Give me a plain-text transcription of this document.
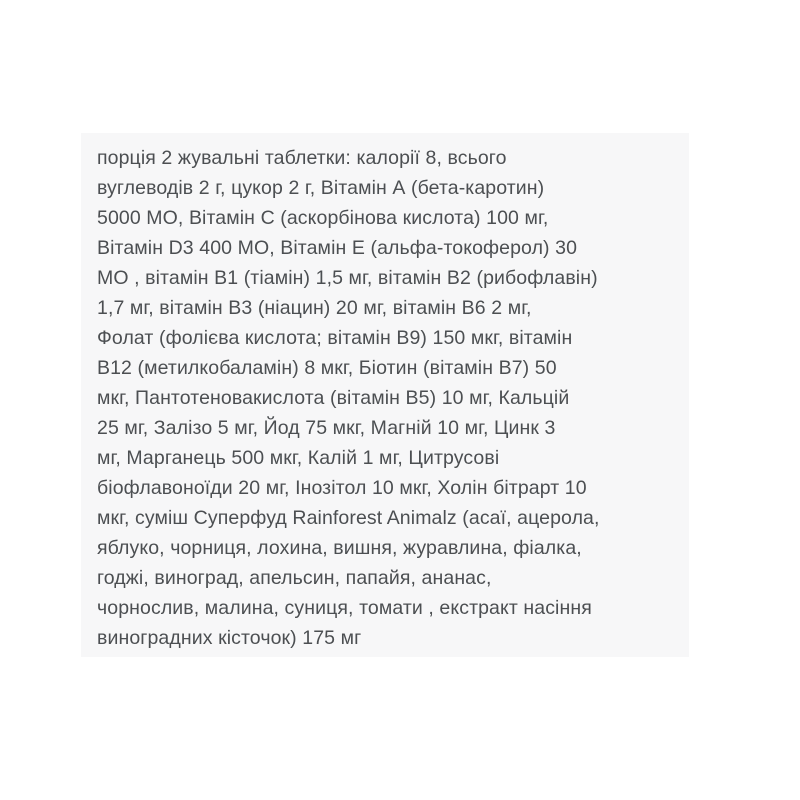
порція 2 жувальні таблетки: калорії 8, всього
вуглеводів 2 г, цукор 2 г, Вітамін А (бета-каротин)
5000 МО, Вітамін С (аскорбінова кислота) 100 мг,
Вітамін D3 400 МО, Вітамін Е (альфа-токоферол) 30
МО , вітамін В1 (тіамін) 1,5 мг, вітамін В2 (рибофлавін)
1,7 мг, вітамін В3 (ніацин) 20 мг, вітамін В6 2 мг,
Фолат (фолієва кислота; вітамін В9) 150 мкг, вітамін
В12 (метилкобаламін) 8 мкг, Біотин (вітамін В7) 50
мкг, Пантотеновакислота (вітамін В5) 10 мг, Кальцій
25 мг, Залізо 5 мг, Йод 75 мкг, Магній 10 мг, Цинк 3
мг, Марганець 500 мкг, Калій 1 мг, Цитрусові
біофлавоноїди 20 мг, Інозітол 10 мкг, Холін бітрарт 10
мкг, суміш Суперфуд Rainforest Animalz (асаї, ацерола,
яблуко, чорниця, лохина, вишня, журавлина, фіалка,
годжі, виноград, апельсин, папайя, ананас,
чорнослив, малина, суниця, томати , екстракт насіння
виноградних кісточок) 175 мг
